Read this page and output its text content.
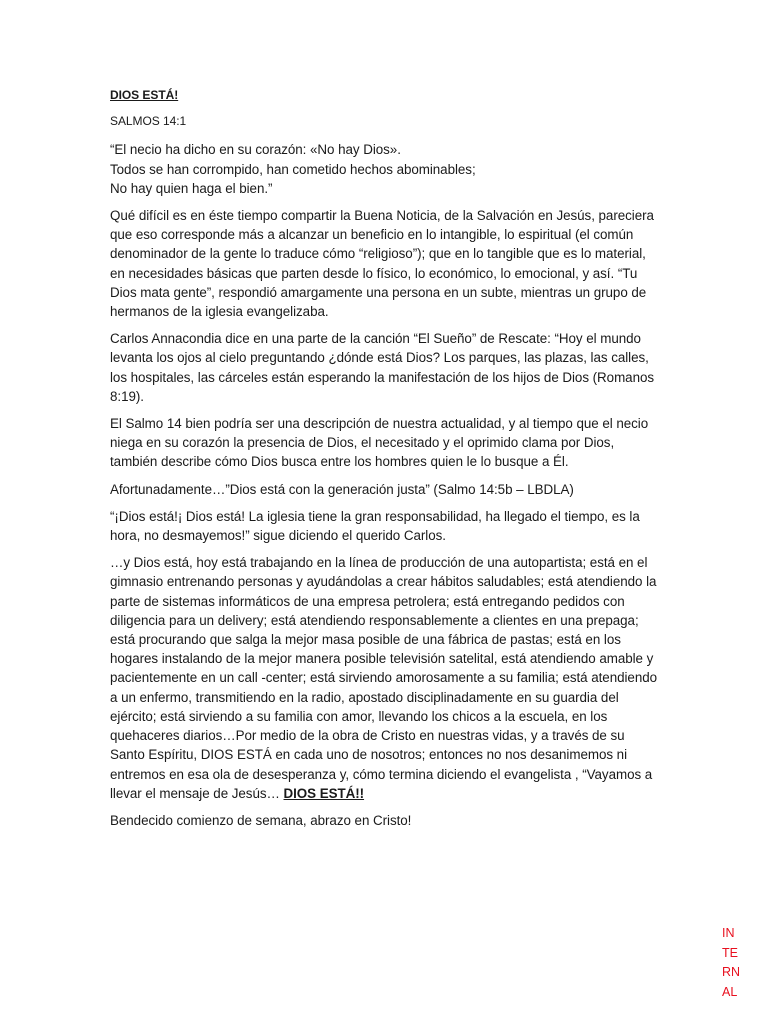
DIOS ESTÁ!
SALMOS 14:1
“El necio ha dicho en su corazón: «No hay Dios».
Todos se han corrompido, han cometido hechos abominables;
No hay quien haga el bien.”

Qué difícil es en éste tiempo compartir la Buena Noticia, de la Salvación en Jesús, pareciera que eso corresponde más a alcanzar un beneficio en lo intangible, lo espiritual (el común denominador de la gente lo traduce cómo “religioso”); que en lo tangible que es lo material, en necesidades básicas que parten desde lo físico, lo económico, lo emocional, y así. “Tu Dios mata gente”, respondió amargamente una persona en un subte, mientras un grupo de hermanos de la iglesia evangelizaba.

Carlos Annacondia dice en una parte de la canción “El Sueño” de Rescate: “Hoy el mundo levanta los ojos al cielo preguntando ¿dónde está Dios? Los parques, las plazas, las calles, los hospitales, las cárceles están esperando la manifestación de los hijos de Dios (Romanos 8:19).

El Salmo 14 bien podría ser una descripción de nuestra actualidad, y al tiempo que el necio niega en su corazón la presencia de Dios, el necesitado y el oprimido clama por Dios, también describe cómo Dios busca entre los hombres quien le lo busque a Él.

Afortunadamente…”Dios está con la generación justa” (Salmo 14:5b – LBDLA)

“¡Dios está!¡ Dios está! La iglesia tiene la gran responsabilidad, ha llegado el tiempo, es la hora, no desmayemos!” sigue diciendo el querido Carlos.

…y Dios está, hoy está trabajando en la línea de producción de una autopartista; está en el gimnasio entrenando personas y ayudándolas a crear hábitos saludables; está atendiendo la parte de sistemas informáticos de una empresa petrolera; está entregando pedidos con diligencia para un delivery; está atendiendo responsablemente a clientes en una prepaga; está procurando que salga la mejor masa posible de una fábrica de pastas; está en los hogares instalando de la mejor manera posible televisión satelital, está atendiendo amable y pacientemente en un call -center; está sirviendo amorosamente a su familia; está atendiendo a un enfermo, transmitiendo en la radio, apostado disciplinadamente en su guardia del ejército; está sirviendo a su familia con amor, llevando los chicos a la escuela, en los quehaceres diarios…Por medio de la obra de Cristo en nuestras vidas, y a través de su Santo Espíritu, DIOS ESTÁ en cada uno de nosotros; entonces no nos desanimemos ni entremos en esa ola de desesperanza y, cómo termina diciendo el evangelista , “Vayamos a llevar el mensaje de Jesús… DIOS ESTÁ!!

Bendecido comienzo de semana, abrazo en Cristo!

IN
TE
RN
AL
